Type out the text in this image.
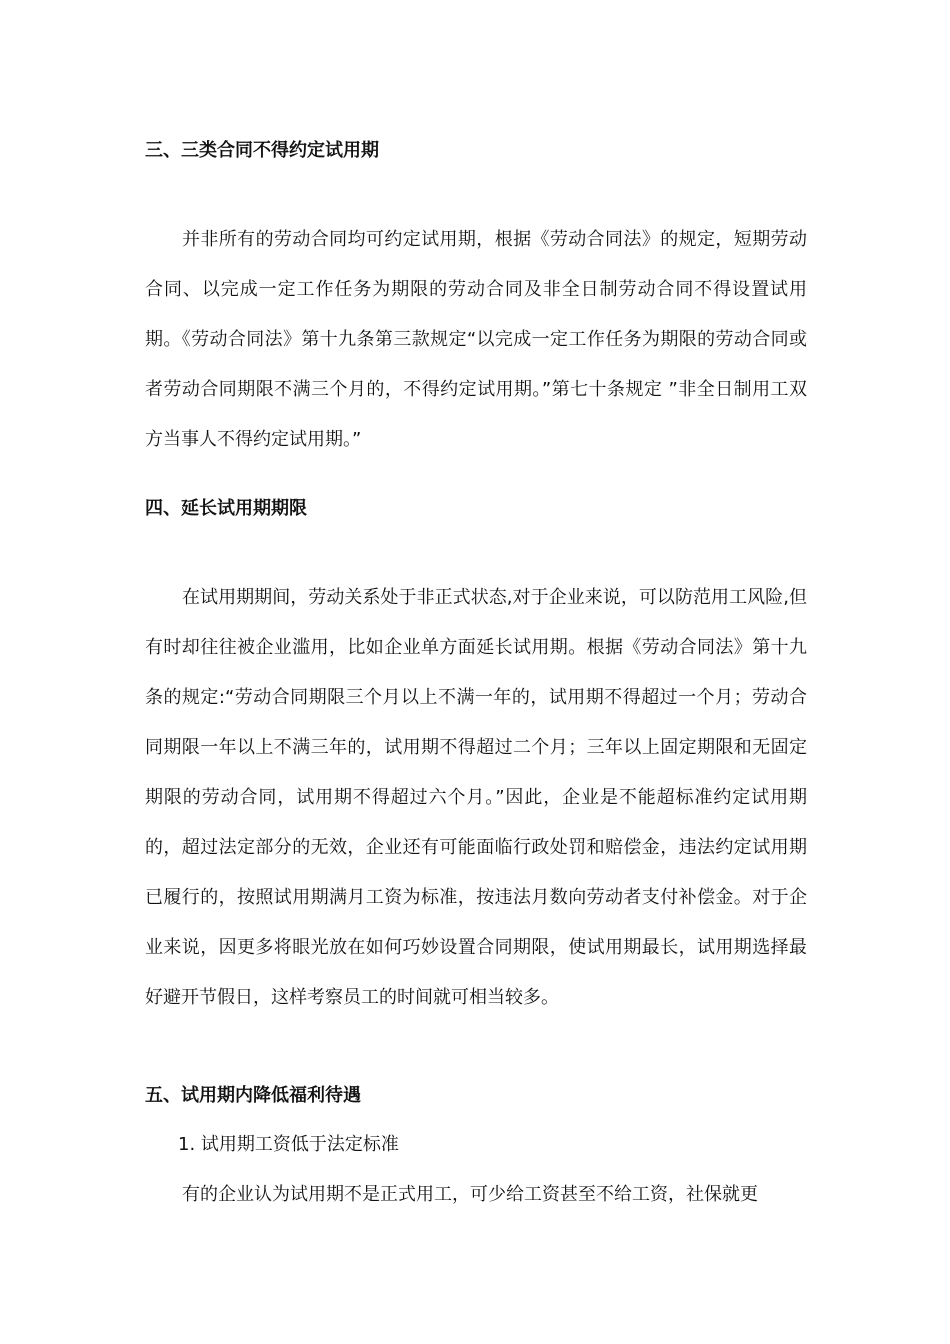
三、三类合同不得约定试用期

并非所有的劳动合同均可约定试用期，根据《劳动合同法》的规定，短期劳动合同、以完成一定工作任务为期限的劳动合同及非全日制劳动合同不得设置试用期。《劳动合同法》第十九条第三款规定“以完成一定工作任务为期限的劳动合同或者劳动合同期限不满三个月的，不得约定试用期。”第七十条规定 ”非全日制用工双方当事人不得约定试用期。”

四、延长试用期期限

在试用期期间，劳动关系处于非正式状态,对于企业来说，可以防范用工风险,但有时却往往被企业滥用，比如企业单方面延长试用期。根据《劳动合同法》第十九条的规定:“劳动合同期限三个月以上不满一年的，试用期不得超过一个月；劳动合同期限一年以上不满三年的，试用期不得超过二个月；三年以上固定期限和无固定期限的劳动合同，试用期不得超过六个月。”因此，企业是不能超标准约定试用期的，超过法定部分的无效，企业还有可能面临行政处罚和赔偿金，违法约定试用期已履行的，按照试用期满月工资为标准，按违法月数向劳动者支付补偿金。对于企业来说，因更多将眼光放在如何巧妙设置合同期限，使试用期最长，试用期选择最好避开节假日，这样考察员工的时间就可相当较多。

五、试用期内降低福利待遇
1. 试用期工资低于法定标准
有的企业认为试用期不是正式用工，可少给工资甚至不给工资，社保就更
